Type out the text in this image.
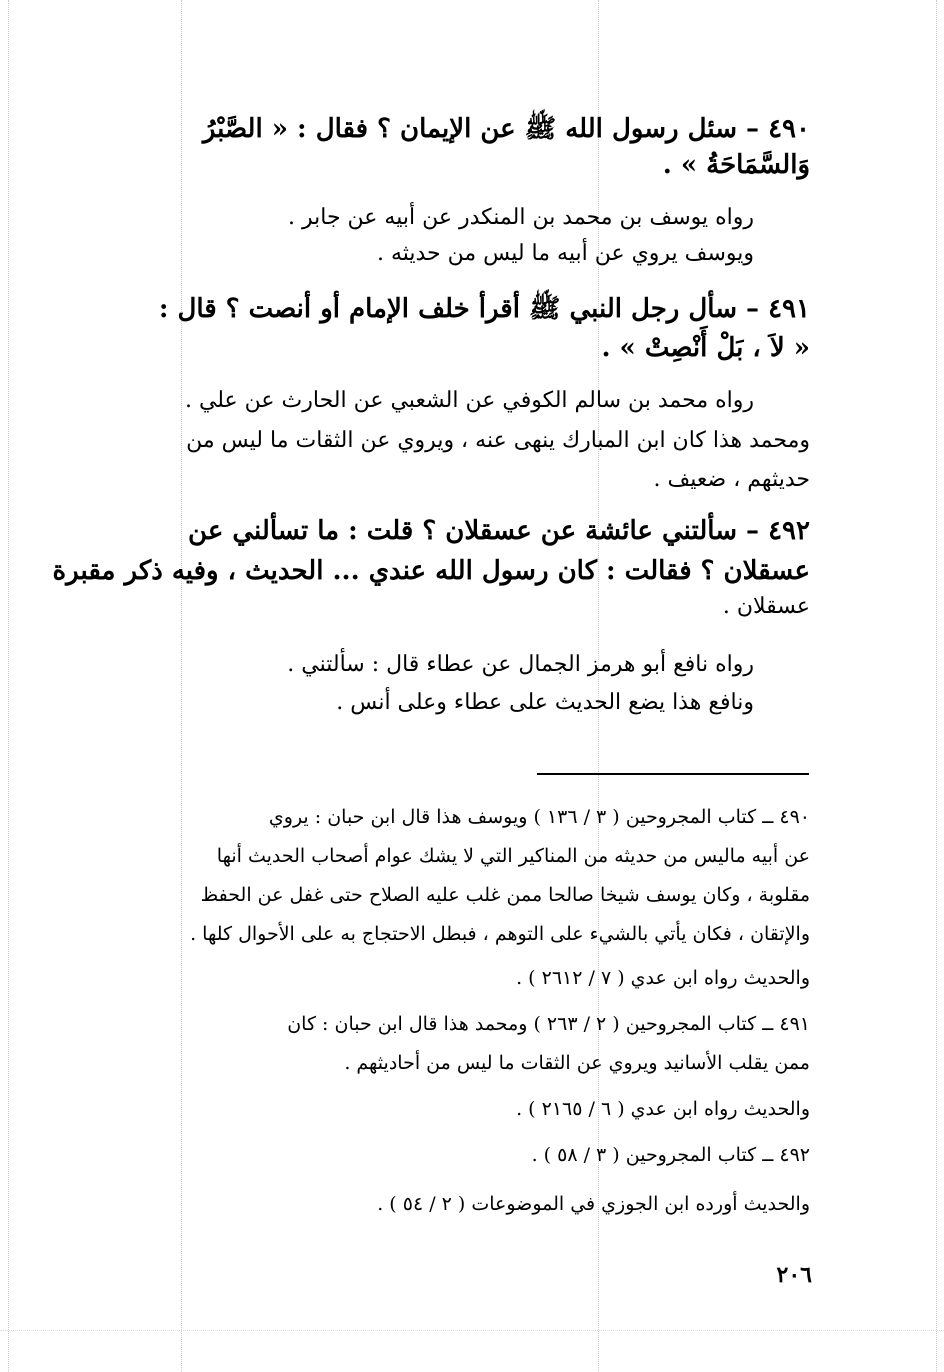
٤٩٠ – سئل رسول الله ﷺ عن الإيمان ؟ فقال : « الصَّبْرُ
وَالسَّمَاحَةُ » .
رواه يوسف بن محمد بن المنكدر عن أبيه عن جابر .
ويوسف يروي عن أبيه ما ليس من حديثه .
٤٩١ – سأل رجل النبي ﷺ أقرأ خلف الإمام أو أنصت ؟ قال :
« لاَ ، بَلْ أَنْصِتْ » .
رواه محمد بن سالم الكوفي عن الشعبي عن الحارث عن علي .
ومحمد هذا كان ابن المبارك ينهى عنه ، ويروي عن الثقات ما ليس من
حديثهم ، ضعيف .
٤٩٢ – سألتني عائشة عن عسقلان ؟ قلت : ما تسألني عن
عسقلان ؟ فقالت : كان رسول الله عندي ... الحديث ، وفيه ذكر مقبرة
عسقلان .
رواه نافع أبو هرمز الجمال عن عطاء قال : سألتني .
ونافع هذا يضع الحديث على عطاء وعلى أنس .
٤٩٠ ــ كتاب المجروحين ( ٣ / ١٣٦ ) ويوسف هذا قال ابن حبان : يروي
عن أبيه ماليس من حديثه من المناكير التي لا يشك عوام أصحاب الحديث أنها
مقلوبة ، وكان يوسف شيخا صالحا ممن غلب عليه الصلاح حتى غفل عن الحفظ
والإتقان ، فكان يأتي بالشيء على التوهم ، فبطل الاحتجاج به على الأحوال كلها .
والحديث رواه ابن عدي ( ٧ / ٢٦١٢ ) .
٤٩١ ــ كتاب المجروحين ( ٢ / ٢٦٣ ) ومحمد هذا قال ابن حبان : كان
ممن يقلب الأسانيد ويروي عن الثقات ما ليس من أحاديثهم .
والحديث رواه ابن عدي ( ٦ / ٢١٦٥ ) .
٤٩٢ ــ كتاب المجروحين ( ٣ / ٥٨ ) .
والحديث أورده ابن الجوزي في الموضوعات ( ٢ / ٥٤ ) .
٢٠٦
